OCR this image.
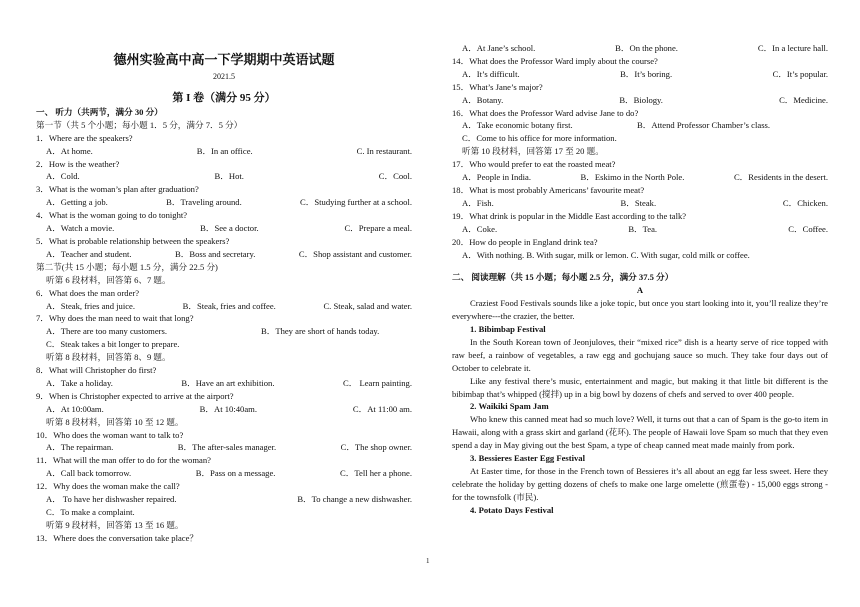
德州实验高中高一下学期期中英语试题
2021.5
第 I 卷（满分 95 分）
一、 听力（共两节，满分 30 分）
第一节（共 5 个小题；每小题 1．5 分，满分 7．5 分）
1．Where are the speakers?
A．At home.	B．In an office.	C. In restaurant.
2．How is the weather?
A．Cold.	B．Hot.	C．Cool.
3．What is the woman’s plan after graduation?
A．Getting a job.	B．Traveling around.	C．Studying further at a school.
4．What is the woman going to do tonight?
A．Watch a movie.	B．See a doctor.	C．Prepare a meal.
5．What is probable relationship between the speakers?
A．Teacher and student.	B．Boss and secretary.	C．Shop assistant and customer.
第二节(共 15 小题；每小题 1.5 分，满分 22.5 分)
听第 6 段材料，回答第 6、7 题。
6．What does the man order?
A．Steak, fries and juice.	B．Steak, fries and coffee.	C. Steak, salad and water.
7．Why does the man need to wait that long?
A．There are too many customers.	B．They are short of hands today.
C．Steak takes a bit longer to prepare.
听第 8 段材料，回答第 8、9 题。
8．What will Christopher do first?
A．Take a holiday.	B．Have an art exhibition.	C． Learn painting.
9．When is Christopher expected to arrive at the airport?
A．At 10:00am.	B．At 10:40am.	C．At 11:00 am.
听第 8 段材料，回答第 10 至 12 题。
10．Who does the woman want to talk to?
A．The repairman.	B．The after-sales manager.	C．The shop owner.
11．What will the man offer to do for the woman?
A．Call back tomorrow.	B．Pass on a message.	C．Tell her a phone.
12．Why does the woman make the call?
A． To have her dishwasher repaired.	B．To change a new dishwasher.
C．To make a complaint.
听第 9 段材料，回答第 13 至 16 题。
13．Where does the conversation take place？
A．At Jane’s school.	B．On the phone.	C．In a lecture hall.
14．What does the Professor Ward imply about the course?
A．It’s difficult.	B．It’s boring.	C．It’s popular.
15．What’s Jane’s major?
A．Botany.	B．Biology.	C．Medicine.
16．What does the Professor Ward advise Jane to do?
A．Take economic botany first.	B．Attend Professor Chamber’s class.
C．Come to his office for more information.
听第 10 段材料，回答第 17 至 20 题。
17．Who would prefer to eat the roasted meat?
A．People in India.	B．Eskimo in the North Pole.	C．Residents in the desert.
18．What is most probably Americans’ favourite meat?
A．Fish.	B．Steak.	C．Chicken.
19．What drink is popular in the Middle East according to the talk?
A．Coke.	B．Tea.	C．Coffee.
20．How do people in England drink tea?
A．With nothing. B. With sugar, milk or lemon. C. With sugar, cold milk or coffee.
二、 阅读理解（共 15 小题；每小题 2.5 分，满分 37.5 分）
A
Craziest Food Festivals sounds like a joke topic, but once you start looking into it, you’ll realize they’re everywhere---the crazier, the better.
1. Bibimbap Festival
In the South Korean town of Jeonjuloves, their “mixed rice” dish is a hearty serve of rice topped with raw beef, a rainbow of vegetables, a raw egg and gochujang sauce so much. They take four days out of October to celebrate it.
Like any festival there’s music, entertainment and magic, but making it that little bit different is the bibimbap that’s whipped (搅拌) up in a big bowl by dozens of chefs and served to over 400 people.
2. Waikiki Spam Jam
Who knew this canned meat had so much love? Well, it turns out that a can of Spam is the go-to item in Hawaii, along with a grass skirt and garland (花环). The people of Hawaii love Spam so much that they even spend a day in May giving out the best Spam, a type of cheap canned meat made mainly from pork.
3. Bessieres Easter Egg Festival
At Easter time, for those in the French town of Bessieres it’s all about an egg far less sweet. Here they celebrate the holiday by getting dozens of chefs to make one large omelette (煎蛋卷) - 15,000 eggs strong - for the townsfolk (市民).
4. Potato Days Festival
1
